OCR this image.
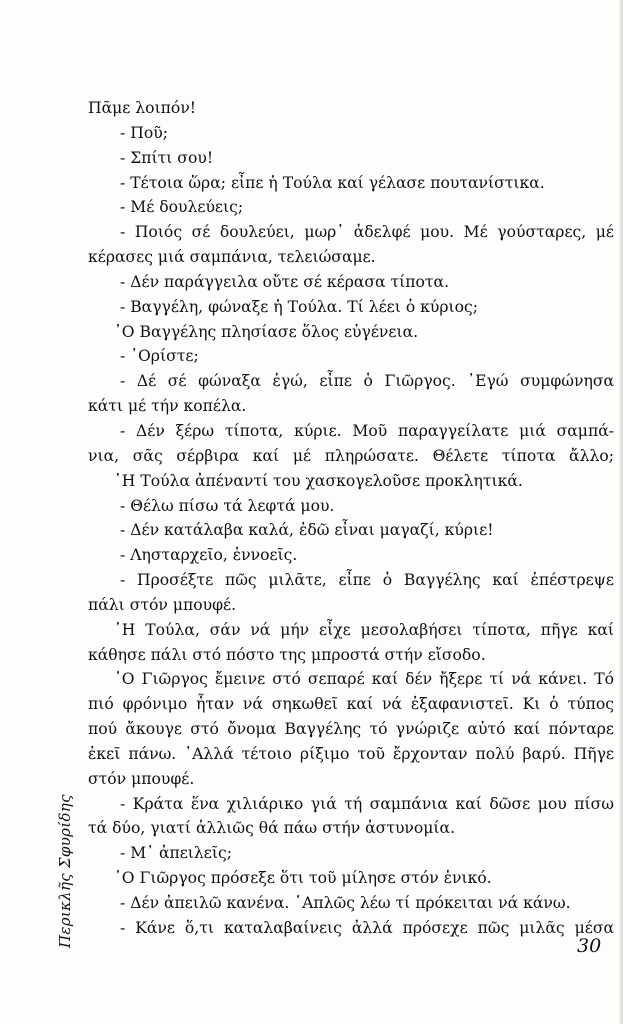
Πᾶμε λοιπόν!
- Ποῦ;
- Σπίτι σου!
- Τέτοια ὥρα; εἶπε ἡ Τούλα καί γέλασε πουτανίστικα.
- Μέ δουλεύεις;
- Ποιός σέ δουλεύει, μωρ᾽ ἀδελφέ μου. Μέ γούσταρες, μέ
κέρασες μιά σαμπάνια, τελειώσαμε.
- Δέν παράγγειλα οὔτε σέ κέρασα τίποτα.
- Βαγγέλη, φώναξε ἡ Τούλα. Τί λέει ὁ κύριος;
᾿Ο Βαγγέλης πλησίασε ὅλος εὐγένεια.
- ᾿Ορίστε;
- Δέ σέ φώναξα ἐγώ, εἶπε ὁ Γιῶργος. ᾿Εγώ συμφώνησα
κάτι μέ τήν κοπέλα.
- Δέν ξέρω τίποτα, κύριε. Μοῦ παραγγείλατε μιά σαμπά-
νια, σᾶς σέρβιρα καί μέ πληρώσατε. Θέλετε τίποτα ἄλλο;
῾Η Τούλα ἀπέναντί του χασκογελοῦσε προκλητικά.
- Θέλω πίσω τά λεφτά μου.
- Δέν κατάλαβα καλά, ἐδῶ εἶναι μαγαζί, κύριε!
- Λησταρχεῖο, ἐννοεῖς.
- Προσέξτε πῶς μιλᾶτε, εἶπε ὁ Βαγγέλης καί ἐπέστρεψε
πάλι στόν μπουφέ.
῾Η Τούλα, σάν νά μήν εἶχε μεσολαβήσει τίποτα, πῆγε καί
κάθησε πάλι στό πόστο της μπροστά στήν εἴσοδο.
᾿Ο Γιῶργος ἔμεινε στό σεπαρέ καί δέν ἤξερε τί νά κάνει. Τό
πιό φρόνιμο ἦταν νά σηκωθεῖ καί νά ἐξαφανιστεῖ. Κι ὁ τύπος
πού ἄκουγε στό ὄνομα Βαγγέλης τό γνώριζε αὐτό καί πόνταρε
ἐκεῖ πάνω. ᾿Αλλά τέτοιο ρίξιμο τοῦ ἔρχονταν πολύ βαρύ. Πῆγε
στόν μπουφέ.
- Κράτα ἕνα χιλιάρικο γιά τή σαμπάνια καί δῶσε μου πίσω
τά δύο, γιατί ἀλλιῶς θά πάω στήν ἀστυνομία.
- Μ᾽ ἀπειλεῖς;
᾿Ο Γιῶργος πρόσεξε ὅτι τοῦ μίλησε στόν ἑνικό.
- Δέν ἀπειλῶ κανένα. ῾Απλῶς λέω τί πρόκειται νά κάνω.
- Κάνε ὅ,τι καταλαβαίνεις ἀλλά πρόσεχε πῶς μιλᾶς μέσα
Περικλῆς Σφυρίδης	30
